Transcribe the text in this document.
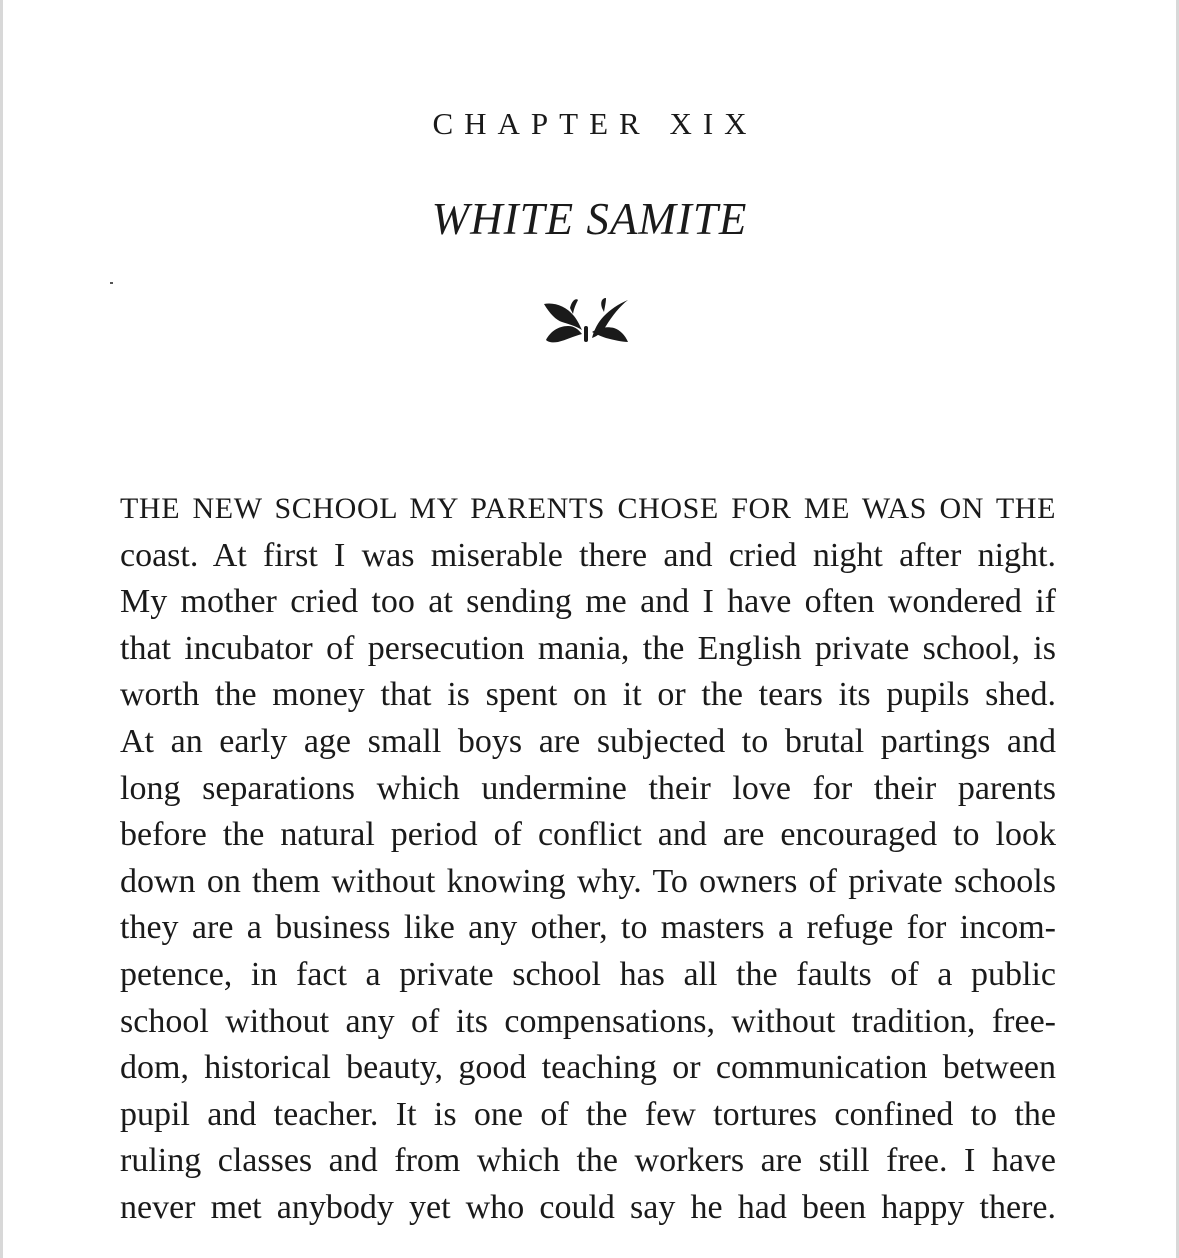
CHAPTER XIX
WHITE SAMITE
THE NEW SCHOOL MY PARENTS CHOSE FOR ME WAS ON THE
coast. At first I was miserable there and cried night after night.
My mother cried too at sending me and I have often wondered if
that incubator of persecution mania, the English private school, is
worth the money that is spent on it or the tears its pupils shed.
At an early age small boys are subjected to brutal partings and
long separations which undermine their love for their parents
before the natural period of conflict and are encouraged to look
down on them without knowing why. To owners of private schools
they are a business like any other, to masters a refuge for incom-
petence, in fact a private school has all the faults of a public
school without any of its compensations, without tradition, free-
dom, historical beauty, good teaching or communication between
pupil and teacher. It is one of the few tortures confined to the
ruling classes and from which the workers are still free. I have
never met anybody yet who could say he had been happy there.
